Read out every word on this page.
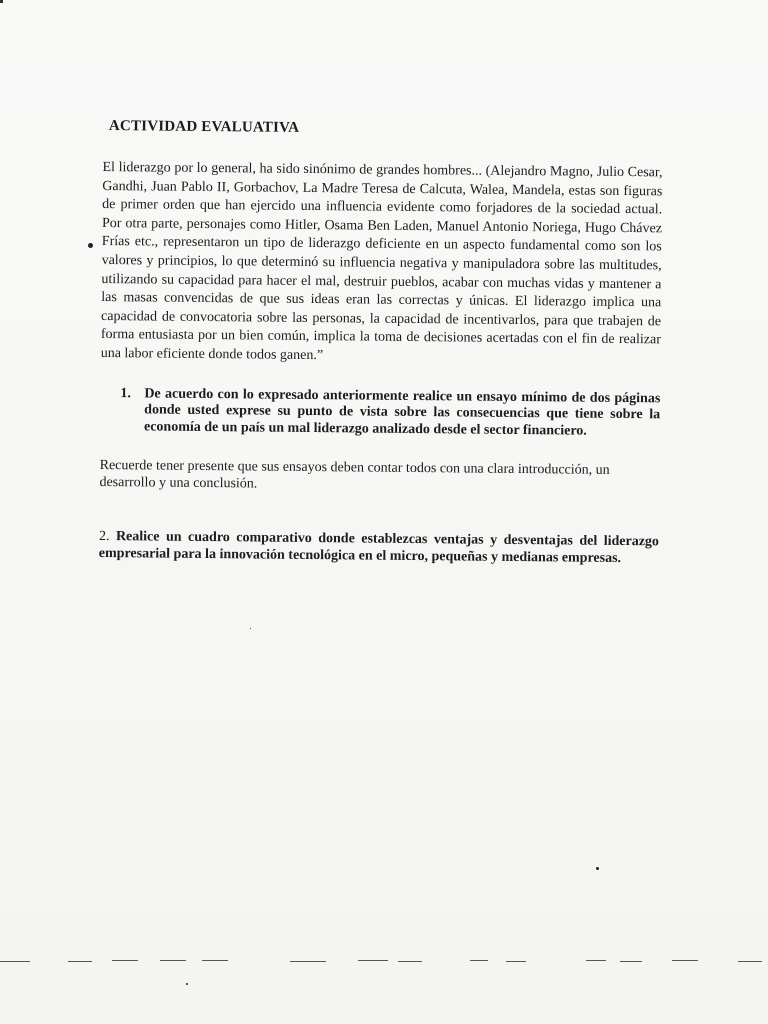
ACTIVIDAD EVALUATIVA

El liderazgo por lo general, ha sido sinónimo de grandes hombres... (Alejandro Magno, Julio Cesar, Gandhi, Juan Pablo II, Gorbachov, La Madre Teresa de Calcuta, Walea, Mandela, estas son figuras de primer orden que han ejercido una influencia evidente como forjadores de la sociedad actual. Por otra parte, personajes como Hitler, Osama Ben Laden, Manuel Antonio Noriega, Hugo Chávez Frías etc., representaron un tipo de liderazgo deficiente en un aspecto fundamental como son los valores y principios, lo que determinó su influencia negativa y manipuladora sobre las multitudes, utilizando su capacidad para hacer el mal, destruir pueblos, acabar con muchas vidas y mantener a las masas convencidas de que sus ideas eran las correctas y únicas. El liderazgo implica una capacidad de convocatoria sobre las personas, la capacidad de incentivarlos, para que trabajen de forma entusiasta por un bien común, implica la toma de decisiones acertadas con el fin de realizar una labor eficiente donde todos ganen.”

1. De acuerdo con lo expresado anteriormente realice un ensayo mínimo de dos páginas donde usted exprese su punto de vista sobre las consecuencias que tiene sobre la economía de un país un mal liderazgo analizado desde el sector financiero.

Recuerde tener presente que sus ensayos deben contar todos con una clara introducción, un desarrollo y una conclusión.

2. Realice un cuadro comparativo donde establezcas ventajas y desventajas del liderazgo empresarial para la innovación tecnológica en el micro, pequeñas y medianas empresas.
